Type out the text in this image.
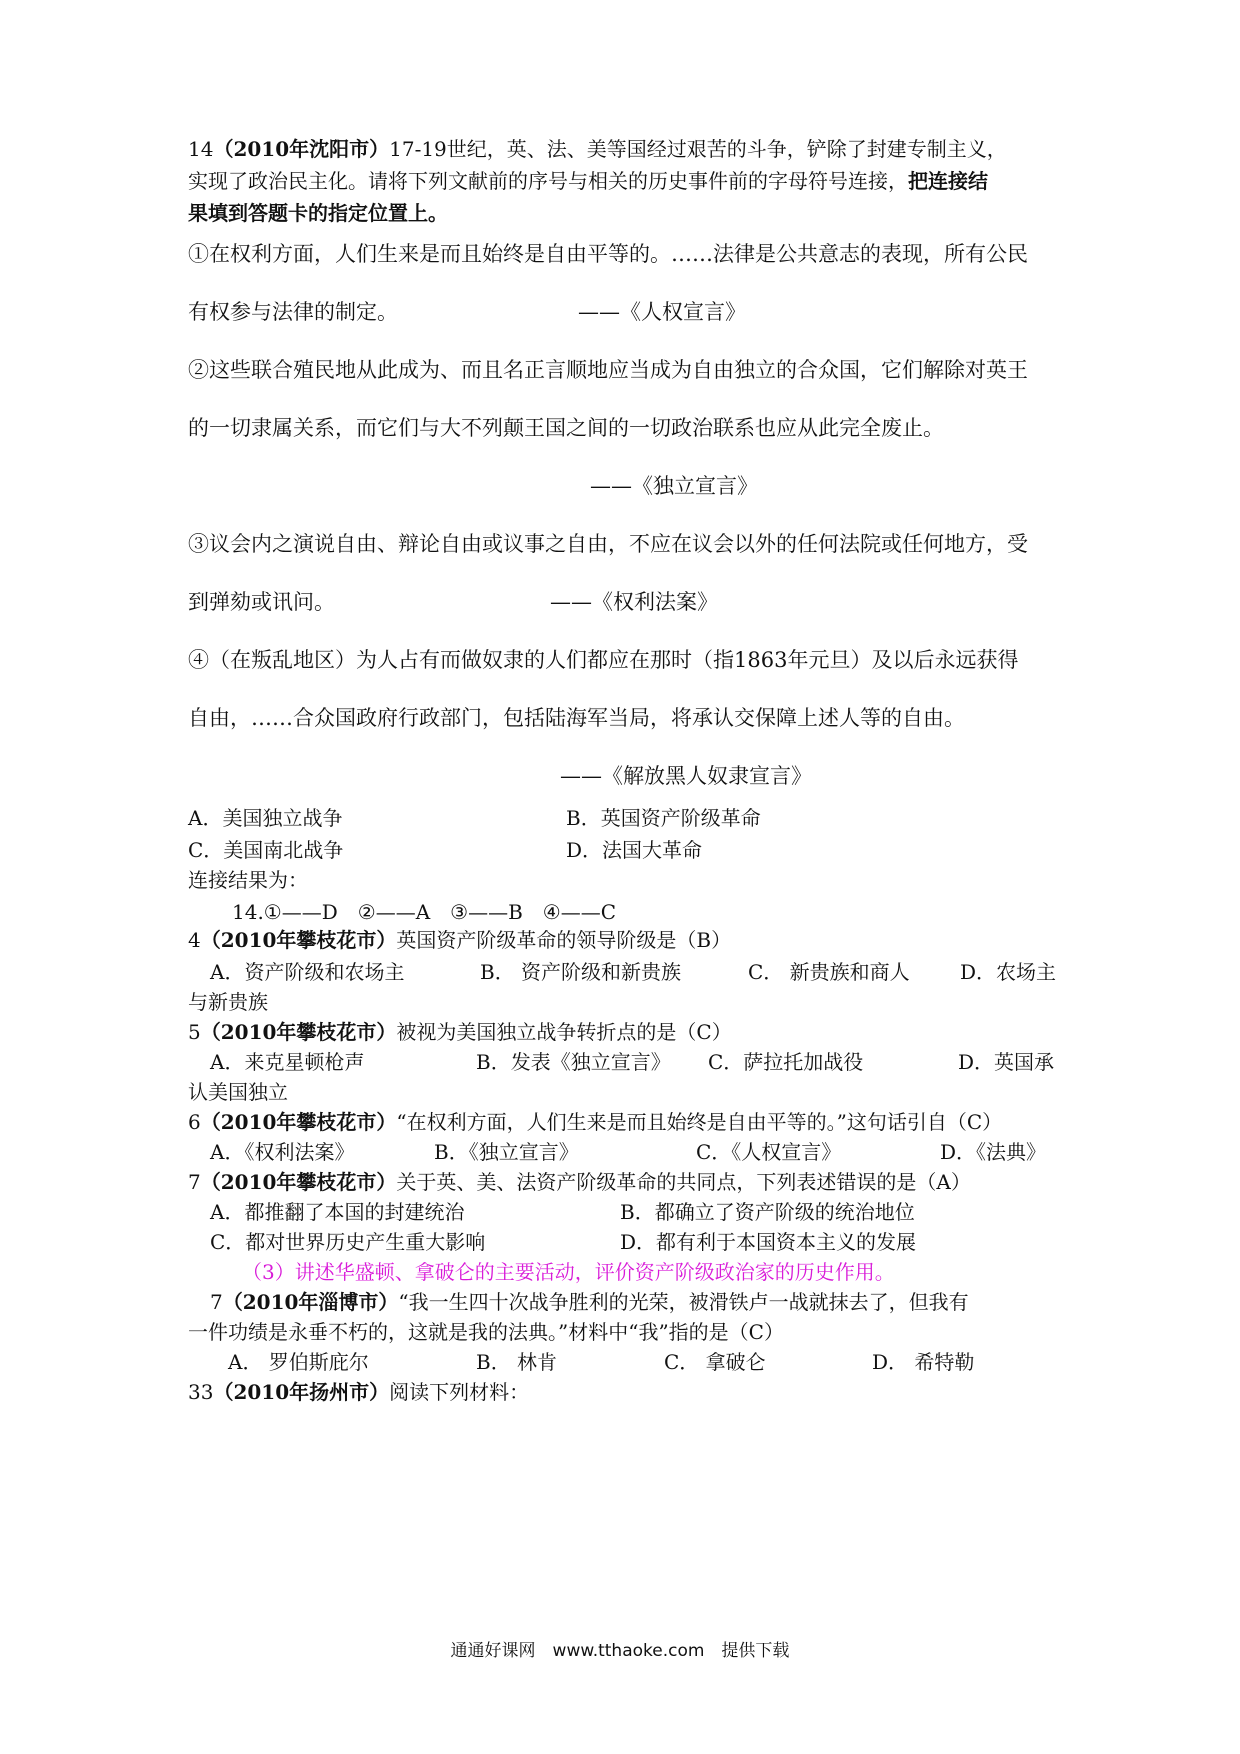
14（2010年沈阳市）17-19世纪，英、法、美等国经过艰苦的斗争，铲除了封建专制主义，
实现了政治民主化。请将下列文献前的序号与相关的历史事件前的字母符号连接，把连接结
果填到答题卡的指定位置上。
①在权利方面，人们生来是而且始终是自由平等的。……法律是公共意志的表现，所有公民
有权参与法律的制定。	——《人权宣言》
②这些联合殖民地从此成为、而且名正言顺地应当成为自由独立的合众国，它们解除对英王
的一切隶属关系，而它们与大不列颠王国之间的一切政治联系也应从此完全废止。
——《独立宣言》
③议会内之演说自由、辩论自由或议事之自由，不应在议会以外的任何法院或任何地方，受
到弹劾或讯问。	——《权利法案》
④（在叛乱地区）为人占有而做奴隶的人们都应在那时（指1863年元旦）及以后永远获得
自由，……合众国政府行政部门，包括陆海军当局，将承认交保障上述人等的自由。
——《解放黑人奴隶宣言》
A．美国独立战争	B．英国资产阶级革命
C．美国南北战争	D．法国大革命
连接结果为：
14.①——D　②——A　③——B　④——C
4（2010年攀枝花市）英国资产阶级革命的领导阶级是（B）
A．资产阶级和农场主	B． 资产阶级和新贵族	C． 新贵族和商人	D．农场主
与新贵族
5（2010年攀枝花市）被视为美国独立战争转折点的是（C）
A．来克星顿枪声	B．发表《独立宣言》 C．萨拉托加战役	D．英国承
认美国独立
6（2010年攀枝花市）“在权利方面，人们生来是而且始终是自由平等的。”这句话引自（C）
A．《权利法案》	B．《独立宣言》	C．《人权宣言》	D．《法典》
7（2010年攀枝花市）关于英、美、法资产阶级革命的共同点，下列表述错误的是（A）
A．都推翻了本国的封建统治	B．都确立了资产阶级的统治地位
C．都对世界历史产生重大影响	D．都有利于本国资本主义的发展
（3）讲述华盛顿、拿破仑的主要活动，评价资产阶级政治家的历史作用。
7（2010年淄博市）“我一生四十次战争胜利的光荣，被滑铁卢一战就抹去了，但我有
一件功绩是永垂不朽的，这就是我的法典。”材料中“我”指的是（C）
A． 罗伯斯庇尔	B． 林肯	C． 拿破仑	D． 希特勒
33（2010年扬州市）阅读下列材料：
通通好课网　www.tthaoke.com　提供下载
